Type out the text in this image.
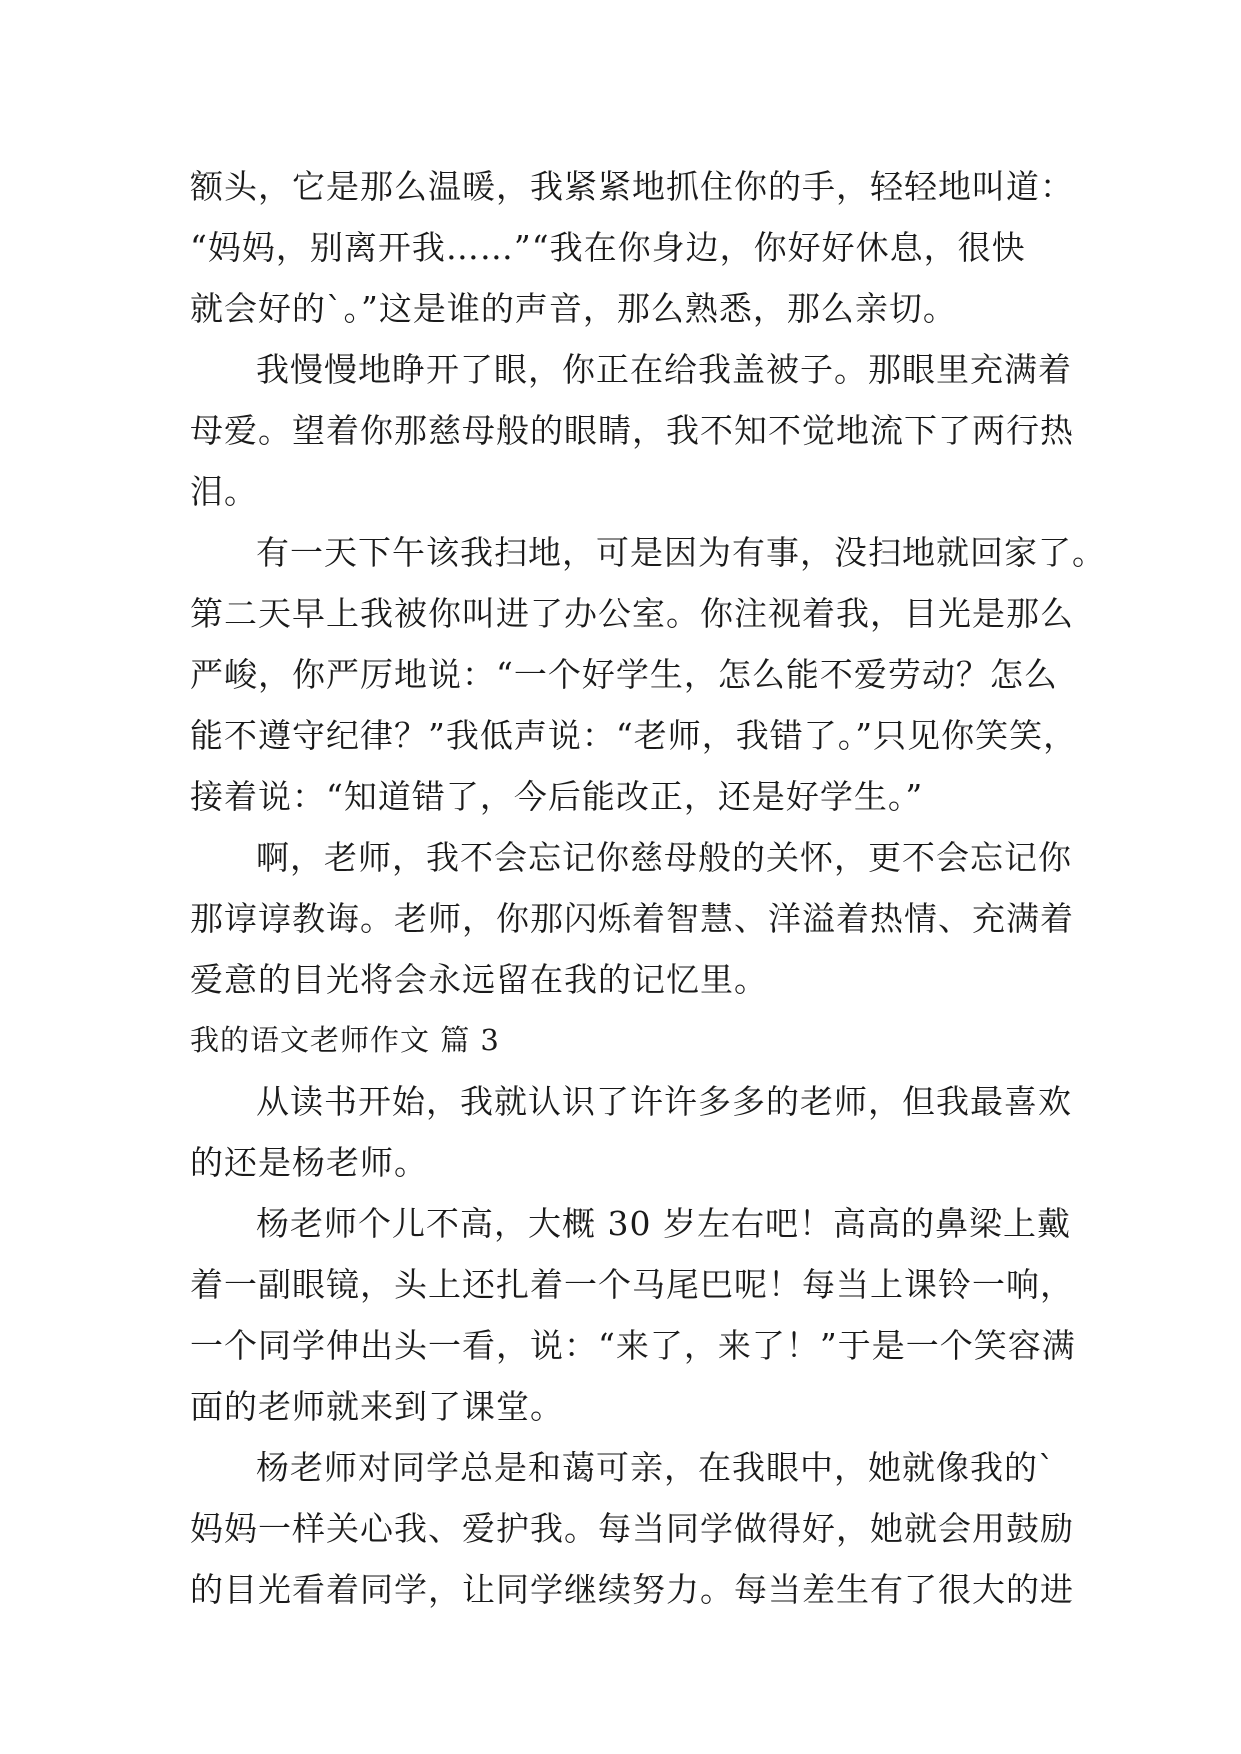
额头，它是那么温暖，我紧紧地抓住你的手，轻轻地叫道：
“妈妈，别离开我……”“我在你身边，你好好休息，很快
就会好的`。”这是谁的声音，那么熟悉，那么亲切。
我慢慢地睁开了眼，你正在给我盖被子。那眼里充满着
母爱。望着你那慈母般的眼睛，我不知不觉地流下了两行热
泪。
有一天下午该我扫地，可是因为有事，没扫地就回家了。
第二天早上我被你叫进了办公室。你注视着我，目光是那么
严峻，你严厉地说：“一个好学生，怎么能不爱劳动？怎么
能不遵守纪律？”我低声说：“老师，我错了。”只见你笑笑，
接着说：“知道错了，今后能改正，还是好学生。”
啊，老师，我不会忘记你慈母般的关怀，更不会忘记你
那谆谆教诲。老师，你那闪烁着智慧、洋溢着热情、充满着
爱意的目光将会永远留在我的记忆里。
我的语文老师作文 篇 3
从读书开始，我就认识了许许多多的老师，但我最喜欢
的还是杨老师。
杨老师个儿不高，大概 30 岁左右吧！高高的鼻梁上戴
着一副眼镜，头上还扎着一个马尾巴呢！每当上课铃一响，
一个同学伸出头一看，说：“来了，来了！”于是一个笑容满
面的老师就来到了课堂。
杨老师对同学总是和蔼可亲，在我眼中，她就像我的`
妈妈一样关心我、爱护我。每当同学做得好，她就会用鼓励
的目光看着同学，让同学继续努力。每当差生有了很大的进
